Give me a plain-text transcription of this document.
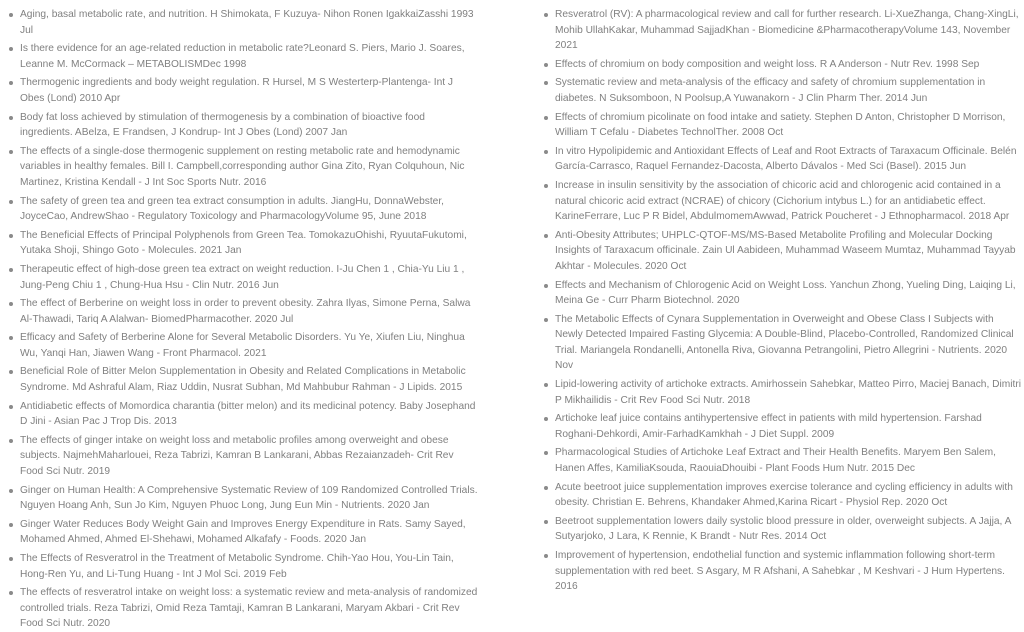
Aging, basal metabolic rate, and nutrition. H Shimokata, F Kuzuya- Nihon Ronen IgakkaiZasshi 1993 Jul
Is there evidence for an age-related reduction in metabolic rate?Leonard S. Piers, Mario J. Soares, Leanne M. McCormack – METABOLISMDec 1998
Thermogenic ingredients and body weight regulation. R Hursel, M S Westerterp-Plantenga- Int J Obes (Lond) 2010 Apr
Body fat loss achieved by stimulation of thermogenesis by a combination of bioactive food ingredients. ABelza, E Frandsen, J Kondrup- Int J Obes (Lond) 2007 Jan
The effects of a single-dose thermogenic supplement on resting metabolic rate and hemodynamic variables in healthy females. Bill I. Campbell,corresponding author Gina Zito, Ryan Colquhoun, Nic Martinez, Kristina Kendall - J Int Soc Sports Nutr. 2016
The safety of green tea and green tea extract consumption in adults. JiangHu, DonnaWebster, JoyceCao, AndrewShao - Regulatory Toxicology and PharmacologyVolume 95, June 2018
The Beneficial Effects of Principal Polyphenols from Green Tea. TomokazuOhishi, RyuutaFukutomi, Yutaka Shoji, Shingo Goto - Molecules. 2021 Jan
Therapeutic effect of high-dose green tea extract on weight reduction. I-Ju Chen 1 , Chia-Yu Liu 1 , Jung-Peng Chiu 1 , Chung-Hua Hsu - Clin Nutr. 2016 Jun
The effect of Berberine on weight loss in order to prevent obesity. Zahra Ilyas, Simone Perna, Salwa Al-Thawadi, Tariq A Alalwan- BiomedPharmacother. 2020 Jul
Efficacy and Safety of Berberine Alone for Several Metabolic Disorders. Yu Ye, Xiufen Liu, Ninghua Wu, Yanqi Han, Jiawen Wang - Front Pharmacol. 2021
Beneficial Role of Bitter Melon Supplementation in Obesity and Related Complications in Metabolic Syndrome. Md Ashraful Alam, Riaz Uddin, Nusrat Subhan, Md Mahbubur Rahman - J Lipids. 2015
Antidiabetic effects of Momordica charantia (bitter melon) and its medicinal potency. Baby Josephand D Jini - Asian Pac J Trop Dis. 2013
The effects of ginger intake on weight loss and metabolic profiles among overweight and obese subjects. NajmehMaharlouei, Reza Tabrizi, Kamran B Lankarani, Abbas Rezaianzadeh- Crit Rev Food Sci Nutr. 2019
Ginger on Human Health: A Comprehensive Systematic Review of 109 Randomized Controlled Trials. Nguyen Hoang Anh, Sun Jo Kim, Nguyen Phuoc Long, Jung Eun Min - Nutrients. 2020 Jan
Ginger Water Reduces Body Weight Gain and Improves Energy Expenditure in Rats. Samy Sayed, Mohamed Ahmed, Ahmed El-Shehawi, Mohamed Alkafafy - Foods. 2020 Jan
The Effects of Resveratrol in the Treatment of Metabolic Syndrome. Chih-Yao Hou, You-Lin Tain, Hong-Ren Yu, and Li-Tung Huang - Int J Mol Sci. 2019 Feb
The effects of resveratrol intake on weight loss: a systematic review and meta-analysis of randomized controlled trials. Reza Tabrizi, Omid Reza Tamtaji, Kamran B Lankarani, Maryam Akbari - Crit Rev Food Sci Nutr. 2020
Resveratrol (RV): A pharmacological review and call for further research. Li-XueZhanga, Chang-XingLi, Mohib UllahKakar, Muhammad SajjadKhan - Biomedicine &PharmacotherapyVolume 143, November 2021
Effects of chromium on body composition and weight loss. R A Anderson - Nutr Rev. 1998 Sep
Systematic review and meta-analysis of the efficacy and safety of chromium supplementation in diabetes. N Suksomboon, N Poolsup,A Yuwanakorn - J Clin Pharm Ther. 2014 Jun
Effects of chromium picolinate on food intake and satiety. Stephen D Anton, Christopher D Morrison, William T Cefalu - Diabetes TechnolTher. 2008 Oct
In vitro Hypolipidemic and Antioxidant Effects of Leaf and Root Extracts of Taraxacum Officinale. Belén García-Carrasco, Raquel Fernandez-Dacosta, Alberto Dávalos - Med Sci (Basel). 2015 Jun
Increase in insulin sensitivity by the association of chicoric acid and chlorogenic acid contained in a natural chicoric acid extract (NCRAE) of chicory (Cichorium intybus L.) for an antidiabetic effect. KarineFerrare, Luc P R Bidel, AbdulmomemAwwad, Patrick Poucheret - J Ethnopharmacol. 2018 Apr
Anti-Obesity Attributes; UHPLC-QTOF-MS/MS-Based Metabolite Profiling and Molecular Docking Insights of Taraxacum officinale. Zain Ul Aabideen, Muhammad Waseem Mumtaz, Muhammad Tayyab Akhtar - Molecules. 2020 Oct
Effects and Mechanism of Chlorogenic Acid on Weight Loss. Yanchun Zhong, Yueling Ding, Laiqing Li, Meina Ge - Curr Pharm Biotechnol. 2020
The Metabolic Effects of Cynara Supplementation in Overweight and Obese Class I Subjects with Newly Detected Impaired Fasting Glycemia: A Double-Blind, Placebo-Controlled, Randomized Clinical Trial. Mariangela Rondanelli, Antonella Riva, Giovanna Petrangolini, Pietro Allegrini - Nutrients. 2020 Nov
Lipid-lowering activity of artichoke extracts. Amirhossein Sahebkar, Matteo Pirro, Maciej Banach, Dimitri P Mikhailidis - Crit Rev Food Sci Nutr. 2018
Artichoke leaf juice contains antihypertensive effect in patients with mild hypertension. Farshad Roghani-Dehkordi, Amir-FarhadKamkhah - J Diet Suppl. 2009
Pharmacological Studies of Artichoke Leaf Extract and Their Health Benefits. Maryem Ben Salem, Hanen Affes, KamiliaKsouda, RaouiaDhouibi - Plant Foods Hum Nutr. 2015 Dec
Acute beetroot juice supplementation improves exercise tolerance and cycling efficiency in adults with obesity. Christian E. Behrens, Khandaker Ahmed,Karina Ricart - Physiol Rep. 2020 Oct
Beetroot supplementation lowers daily systolic blood pressure in older, overweight subjects. A Jajja, A Sutyarjoko, J Lara, K Rennie, K Brandt - Nutr Res. 2014 Oct
Improvement of hypertension, endothelial function and systemic inflammation following short-term supplementation with red beet. S Asgary, M R Afshani, A Sahebkar , M Keshvari - J Hum Hypertens. 2016
